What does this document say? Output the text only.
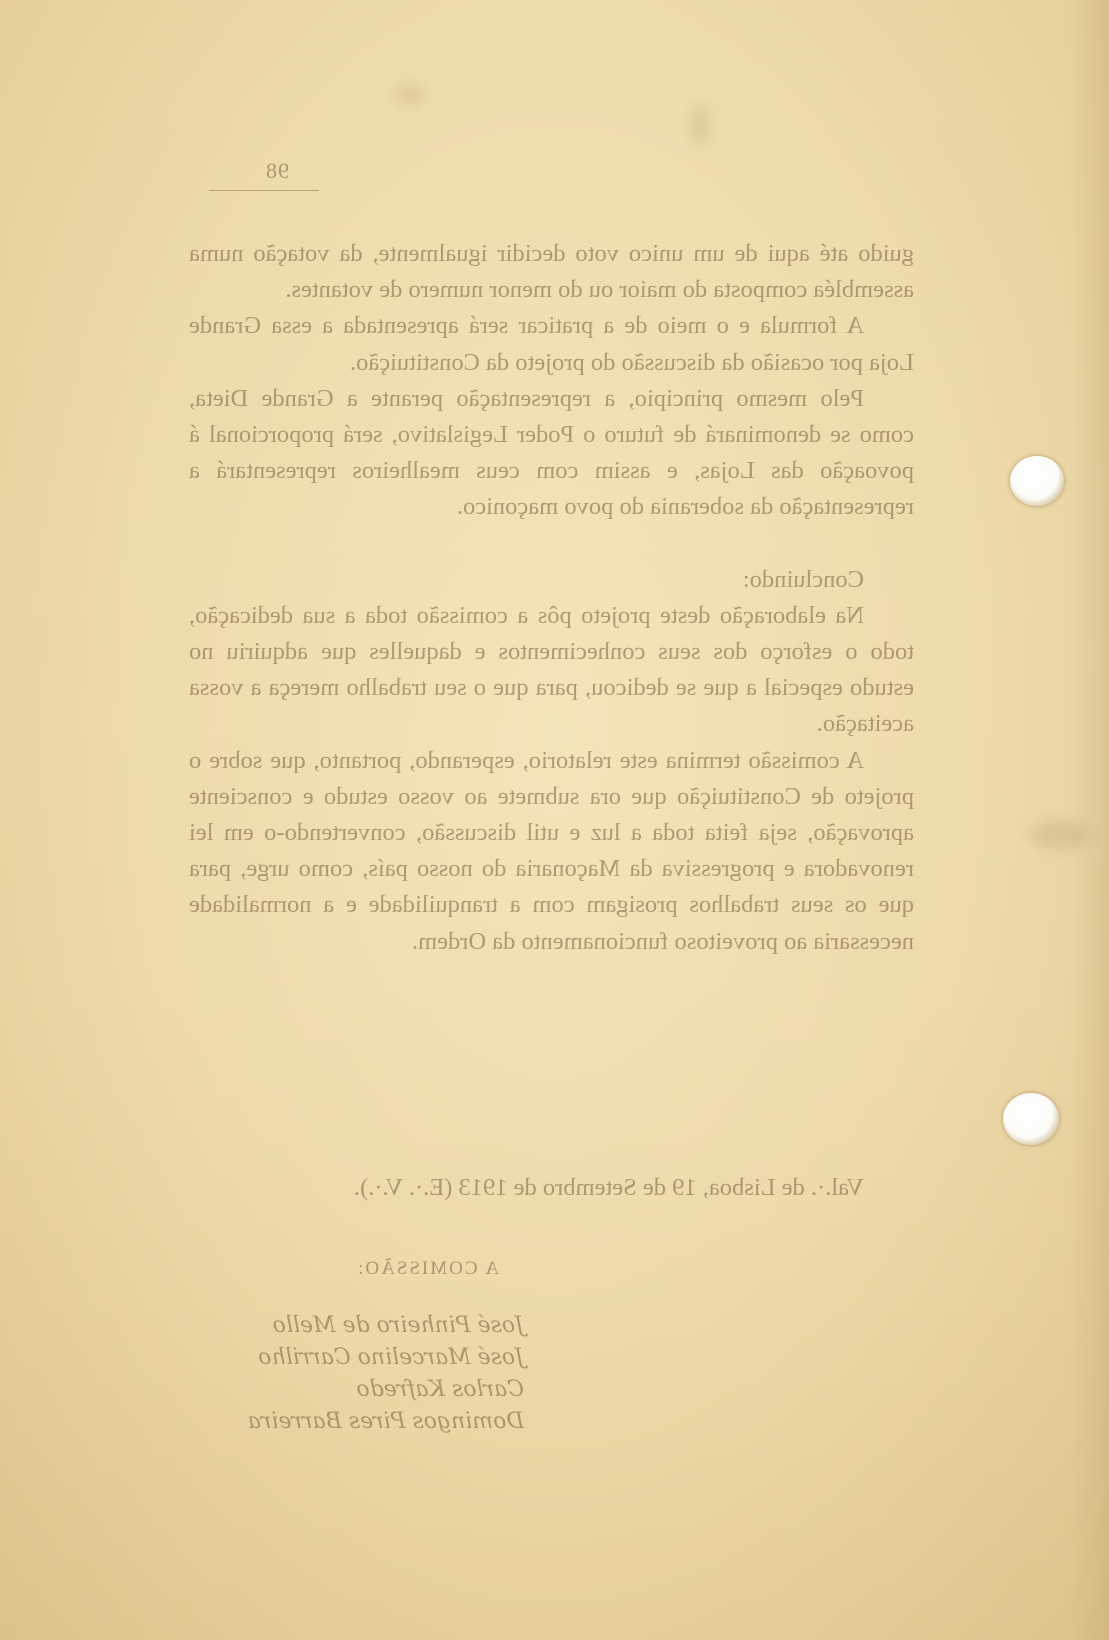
98

guido até aqui de um unico voto decidir igualmente, da votação numa assembléa composta do maior ou do menor numero de votantes.

A formula e o meio de a praticar será apresentada a essa Grande Loja por ocasião da discussão do projeto da Constituição.

Pelo mesmo principio, a representação perante a Grande Dieta, como se denominará de futuro o Poder Legislativo, será proporcional á povoação das Lojas, e assim com ceus mealheiros representará a representação da soberania do povo maçonico.

Concluindo:

Na elaboração deste projeto pôs a comissão toda a sua dedicação, todo o esforço dos seus conhecimentos e daquelles que adquiriu no estudo especial a que se dedicou, para que o seu trabalho mereça a vossa aceitação.

A comissão termina este relatorio, esperando, portanto, que sobre o projeto de Constituição que ora submete ao vosso estudo e consciente aprovação, seja feita toda a luz e util discussão, convertendo-o em lei renovadora e progressiva da Maçonaria do nosso país, como urge, para que os seus trabalhos prosigam com a tranquilidade e a normalidade necessaria ao proveitoso funcionamento da Ordem.

Val.·. de Lisboa, 19 de Setembro de 1913 (E.·. V.·.).
A COMISSÃO:
José Pinheiro de Mello
José Marcelino Carrilho
Carlos Kafredo
Domingos Pires Barreira
